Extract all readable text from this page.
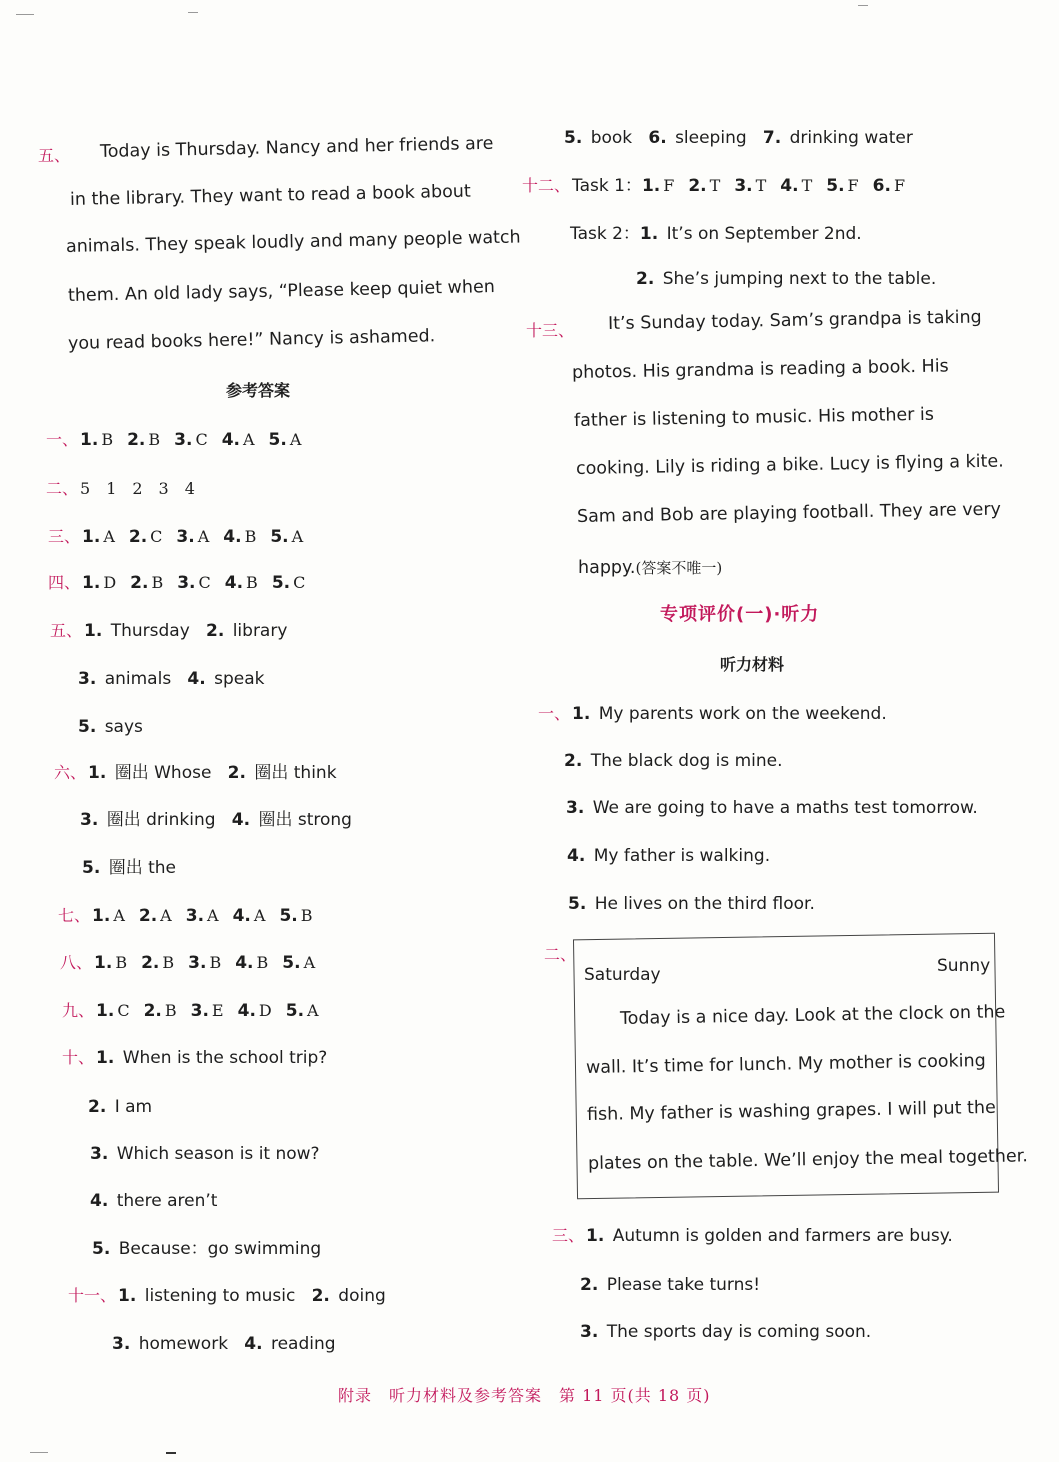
五、 Today is Thursday. Nancy and her friends are
in the library. They want to read a book about
animals. They speak loudly and many people watch
them. An old lady says, “Please keep quiet when
you read books here!” Nancy is ashamed.
参考答案
一、 1. B 2. B 3. C 4. A 5. A
二、 5　1　2　3　4
三、 1. A 2. C 3. A 4. B 5. A
四、 1. D 2. B 3. C 4. B 5. C
五、 1. Thursday 2. library
3. animals 4. speak
5. says
六、 1. 圈出 Whose 2. 圈出 think
3. 圈出 drinking 4. 圈出 strong
5. 圈出 the
七、 1. A 2. A 3. A 4. A 5. B
八、 1. B 2. B 3. B 4. B 5. A
九、 1. C 2. B 3. E 4. D 5. A
十、 1. When is the school trip?
2. I am
3. Which season is it now?
4. there aren’t
5. Because：go swimming
十一、 1. listening to music 2. doing
3. homework 4. reading
5. book 6. sleeping 7. drinking water
十二、 Task 1：1. F 2. T 3. T 4. T 5. F 6. F
Task 2：1. It’s on September 2nd.
2. She’s jumping next to the table.
十三、 It’s Sunday today. Sam’s grandpa is taking
photos. His grandma is reading a book. His
father is listening to music. His mother is
cooking. Lily is riding a bike. Lucy is flying a kite.
Sam and Bob are playing football. They are very
happy.(答案不唯一)
专项评价(一)·听力
听力材料
一、 1. My parents work on the weekend.
2. The black dog is mine.
3. We are going to have a maths test tomorrow.
4. My father is walking.
5. He lives on the third floor.
二、
Saturday	Sunny
Today is a nice day. Look at the clock on the
wall. It’s time for lunch. My mother is cooking
fish. My father is washing grapes. I will put the
plates on the table. We’ll enjoy the meal together.
三、 1. Autumn is golden and farmers are busy.
2. Please take turns!
3. The sports day is coming soon.
附录　听力材料及参考答案　第 11 页(共 18 页)
